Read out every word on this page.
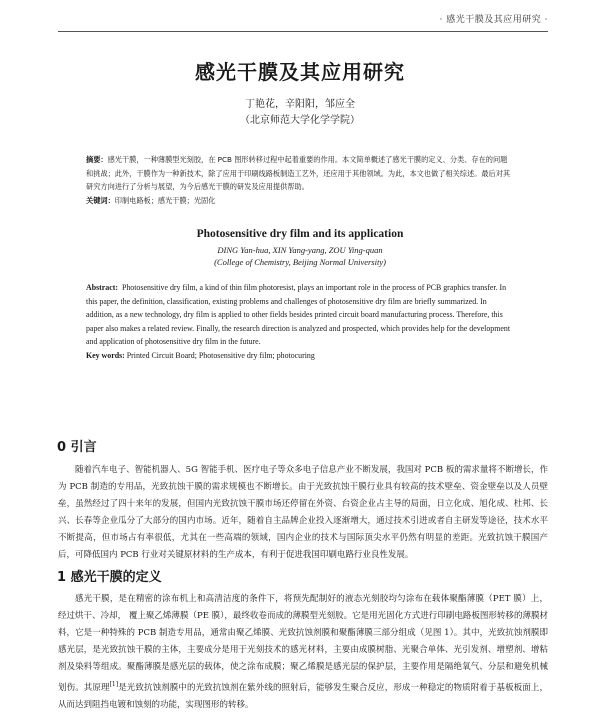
· 感光干膜及其应用研究 ·
感光干膜及其应用研究
丁艳花，辛阳阳，邹应全
（北京师范大学化学学院）
摘要：感光干膜，一种薄膜型光刻胶，在 PCB 图形转移过程中起着重要的作用。本文简单概述了感光干膜的定义、分类、存在的问题和挑战；此外，干膜作为一种新技术，除了应用于印刷线路板制造工艺外，还应用于其他领域。为此，本文也做了相关综述。最后对其研究方向进行了分析与展望，为今后感光干膜的研发及应用提供帮助。
关键词：印制电路板；感光干膜；光固化
Photosensitive dry film and its application
DING Yan-hua, XIN Yang-yang, ZOU Ying-quan
(College of Chemistry, Beijing Normal University)
Abstract: Photosensitive dry film, a kind of thin film photoresist, plays an important role in the process of PCB graphics transfer. In this paper, the definition, classification, existing problems and challenges of photosensitive dry film are briefly summarized. In addition, as a new technology, dry film is applied to other fields besides printed circuit board manufacturing process. Therefore, this paper also makes a related review. Finally, the research direction is analyzed and prospected, which provides help for the development and application of photosensitive dry film in the future.
Key words: Printed Circuit Board; Photosensitive dry film; photocuring
0 引言
随着汽车电子、智能机器人、5G 智能手机、医疗电子等众多电子信息产业不断发展，我国对 PCB 板的需求量将不断增长，作为 PCB 制造的专用品，光致抗蚀干膜的需求规模也不断增长。由于光致抗蚀干膜行业具有较高的技术壁垒、资金壁垒以及人员壁垒，虽然经过了四十来年的发展，但国内光致抗蚀干膜市场还停留在外资、台资企业占主导的局面，日立化成、旭化成、杜邦、长兴、长春等企业瓜分了大部分的国内市场。近年，随着自主品牌企业投入逐渐增大，通过技术引进或者自主研发等途径，技术水平不断提高，但市场占有率很低，尤其在一些高端的领域，国内企业的技术与国际顶尖水平仍然有明显的差距。光致抗蚀干膜国产后，可降低国内 PCB 行业对关键原材料的生产成本，有利于促进我国印刷电路行业良性发展。
1 感光干膜的定义
感光干膜，是在精密的涂布机上和高清洁度的条件下，将预先配制好的液态光刻胶均匀涂布在载体聚酯薄膜（PET 膜）上， 经过烘干、冷却， 覆上聚乙烯薄膜（PE 膜），最终收卷而成的薄膜型光刻胶。它是用光固化方式进行印刷电路板图形转移的薄膜材料，它是一种特殊的 PCB 制造专用品，通常由聚乙烯膜、光致抗蚀剂膜和聚酯薄膜三部分组成（见图 1）。其中，光致抗蚀剂膜即感光层，是光致抗蚀干膜的主体，主要成分是用于光刻技术的感光材料，主要由成膜树脂、光聚合单体、光引发剂、增塑剂、增粘剂及染料等组成。聚酯薄膜是感光层的载体，使之涂布成膜；聚乙烯膜是感光层的保护层，主要作用是隔绝氧气、分层和避免机械划伤。其原理[1]是光致抗蚀剂膜中的光致抗蚀剂在紫外线的照射后，能够发生聚合反应，形成一种稳定的物质附着于基板板面上，从而达到阻挡电镀和蚀刻的功能，实现图形的转移。
